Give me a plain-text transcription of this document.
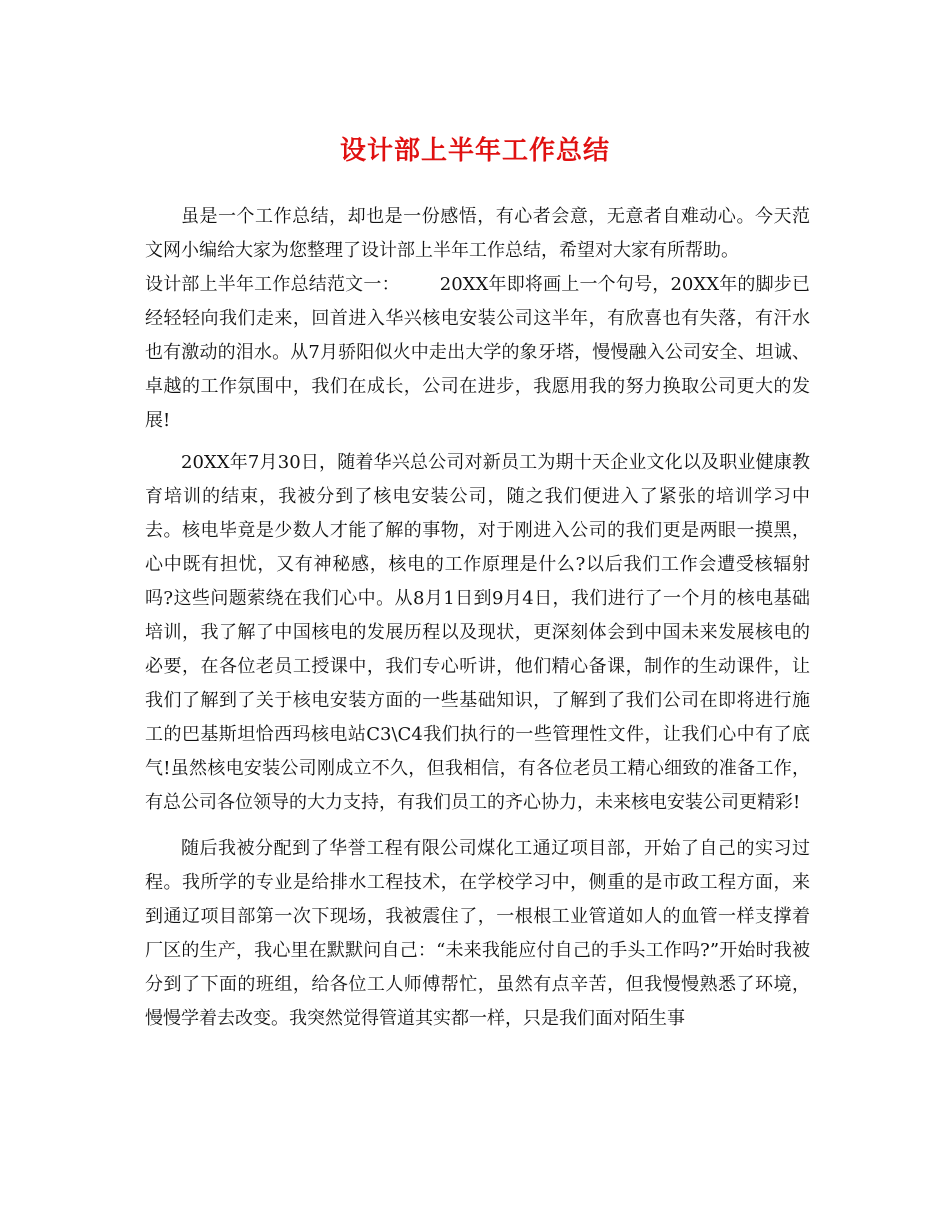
设计部上半年工作总结

虽是一个工作总结，却也是一份感悟，有心者会意，无意者自难动心。今天范文网小编给大家为您整理了设计部上半年工作总结，希望对大家有所帮助。

设计部上半年工作总结范文一： 20XX年即将画上一个句号，20XX年的脚步已经轻轻向我们走来，回首进入华兴核电安装公司这半年，有欣喜也有失落，有汗水也有激动的泪水。从7月骄阳似火中走出大学的象牙塔，慢慢融入公司安全、坦诚、卓越的工作氛围中，我们在成长，公司在进步，我愿用我的努力换取公司更大的发展!

20XX年7月30日，随着华兴总公司对新员工为期十天企业文化以及职业健康教育培训的结束，我被分到了核电安装公司，随之我们便进入了紧张的培训学习中去。核电毕竟是少数人才能了解的事物，对于刚进入公司的我们更是两眼一摸黑，心中既有担忧，又有神秘感，核电的工作原理是什么?以后我们工作会遭受核辐射吗?这些问题萦绕在我们心中。从8月1日到9月4日，我们进行了一个月的核电基础培训，我了解了中国核电的发展历程以及现状，更深刻体会到中国未来发展核电的必要，在各位老员工授课中，我们专心听讲，他们精心备课，制作的生动课件，让我们了解到了关于核电安装方面的一些基础知识，了解到了我们公司在即将进行施工的巴基斯坦恰西玛核电站C3\C4我们执行的一些管理性文件，让我们心中有了底气!虽然核电安装公司刚成立不久，但我相信，有各位老员工精心细致的准备工作，有总公司各位领导的大力支持，有我们员工的齐心协力，未来核电安装公司更精彩!

随后我被分配到了华誉工程有限公司煤化工通辽项目部，开始了自己的实习过程。我所学的专业是给排水工程技术，在学校学习中，侧重的是市政工程方面，来到通辽项目部第一次下现场，我被震住了，一根根工业管道如人的血管一样支撑着厂区的生产，我心里在默默问自己：“未来我能应付自己的手头工作吗?”开始时我被分到了下面的班组，给各位工人师傅帮忙，虽然有点辛苦，但我慢慢熟悉了环境，慢慢学着去改变。我突然觉得管道其实都一样，只是我们面对陌生事
